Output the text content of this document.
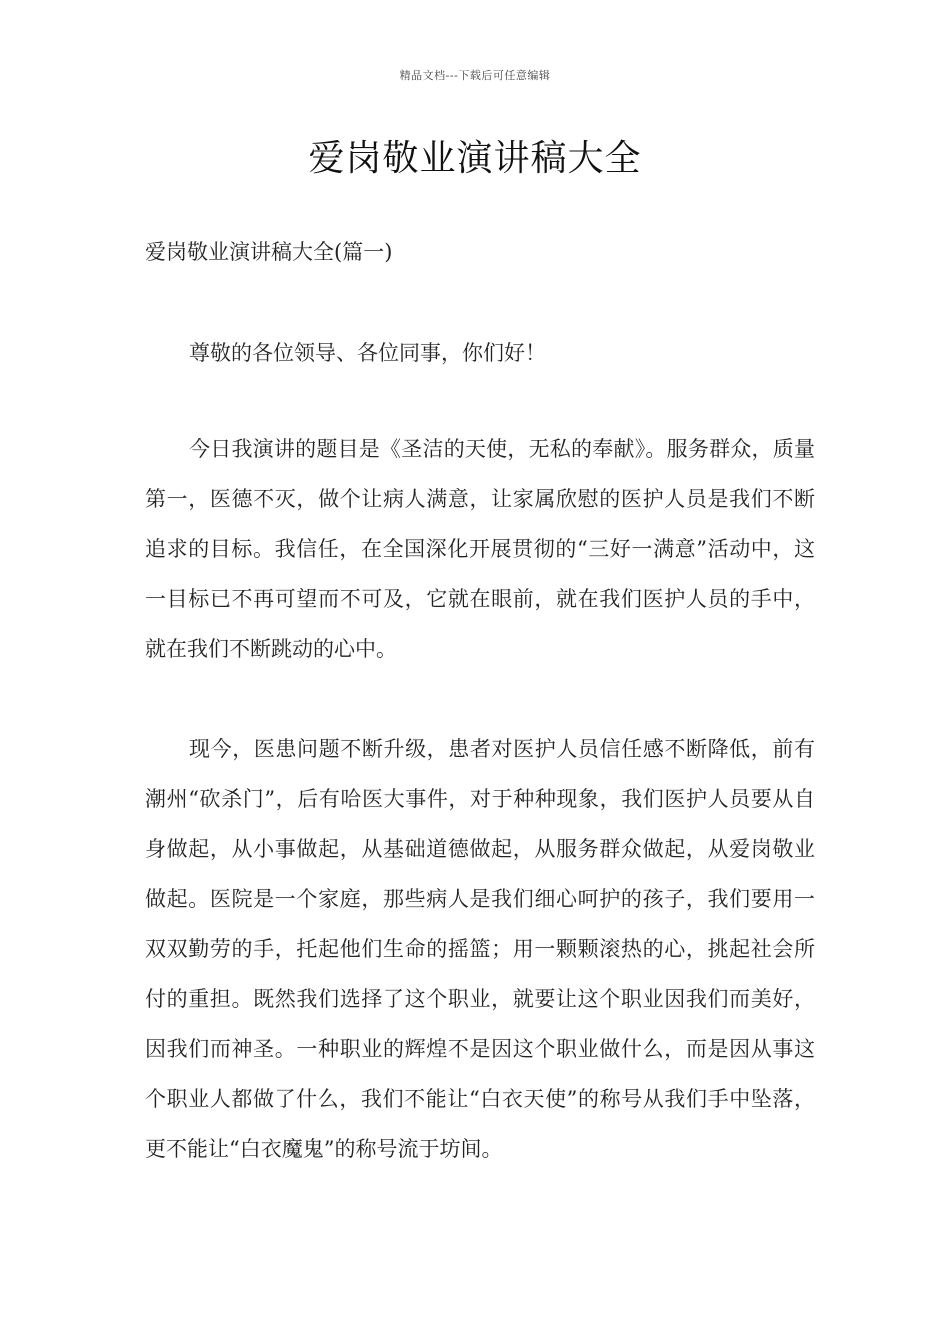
精品文档---下载后可任意编辑
爱岗敬业演讲稿大全
爱岗敬业演讲稿大全(篇一)

尊敬的各位领导、各位同事，你们好！

今日我演讲的题目是《圣洁的天使，无私的奉献》。服务群众，质量第一，医德不灭，做个让病人满意，让家属欣慰的医护人员是我们不断追求的目标。我信任，在全国深化开展贯彻的“三好一满意”活动中，这一目标已不再可望而不可及，它就在眼前，就在我们医护人员的手中，就在我们不断跳动的心中。

现今，医患问题不断升级，患者对医护人员信任感不断降低，前有潮州“砍杀门”，后有哈医大事件，对于种种现象，我们医护人员要从自身做起，从小事做起，从基础道德做起，从服务群众做起，从爱岗敬业做起。医院是一个家庭，那些病人是我们细心呵护的孩子，我们要用一双双勤劳的手，托起他们生命的摇篮；用一颗颗滚热的心，挑起社会所付的重担。既然我们选择了这个职业，就要让这个职业因我们而美好，因我们而神圣。一种职业的辉煌不是因这个职业做什么，而是因从事这个职业人都做了什么，我们不能让“白衣天使”的称号从我们手中坠落，更不能让“白衣魔鬼”的称号流于坊间。
